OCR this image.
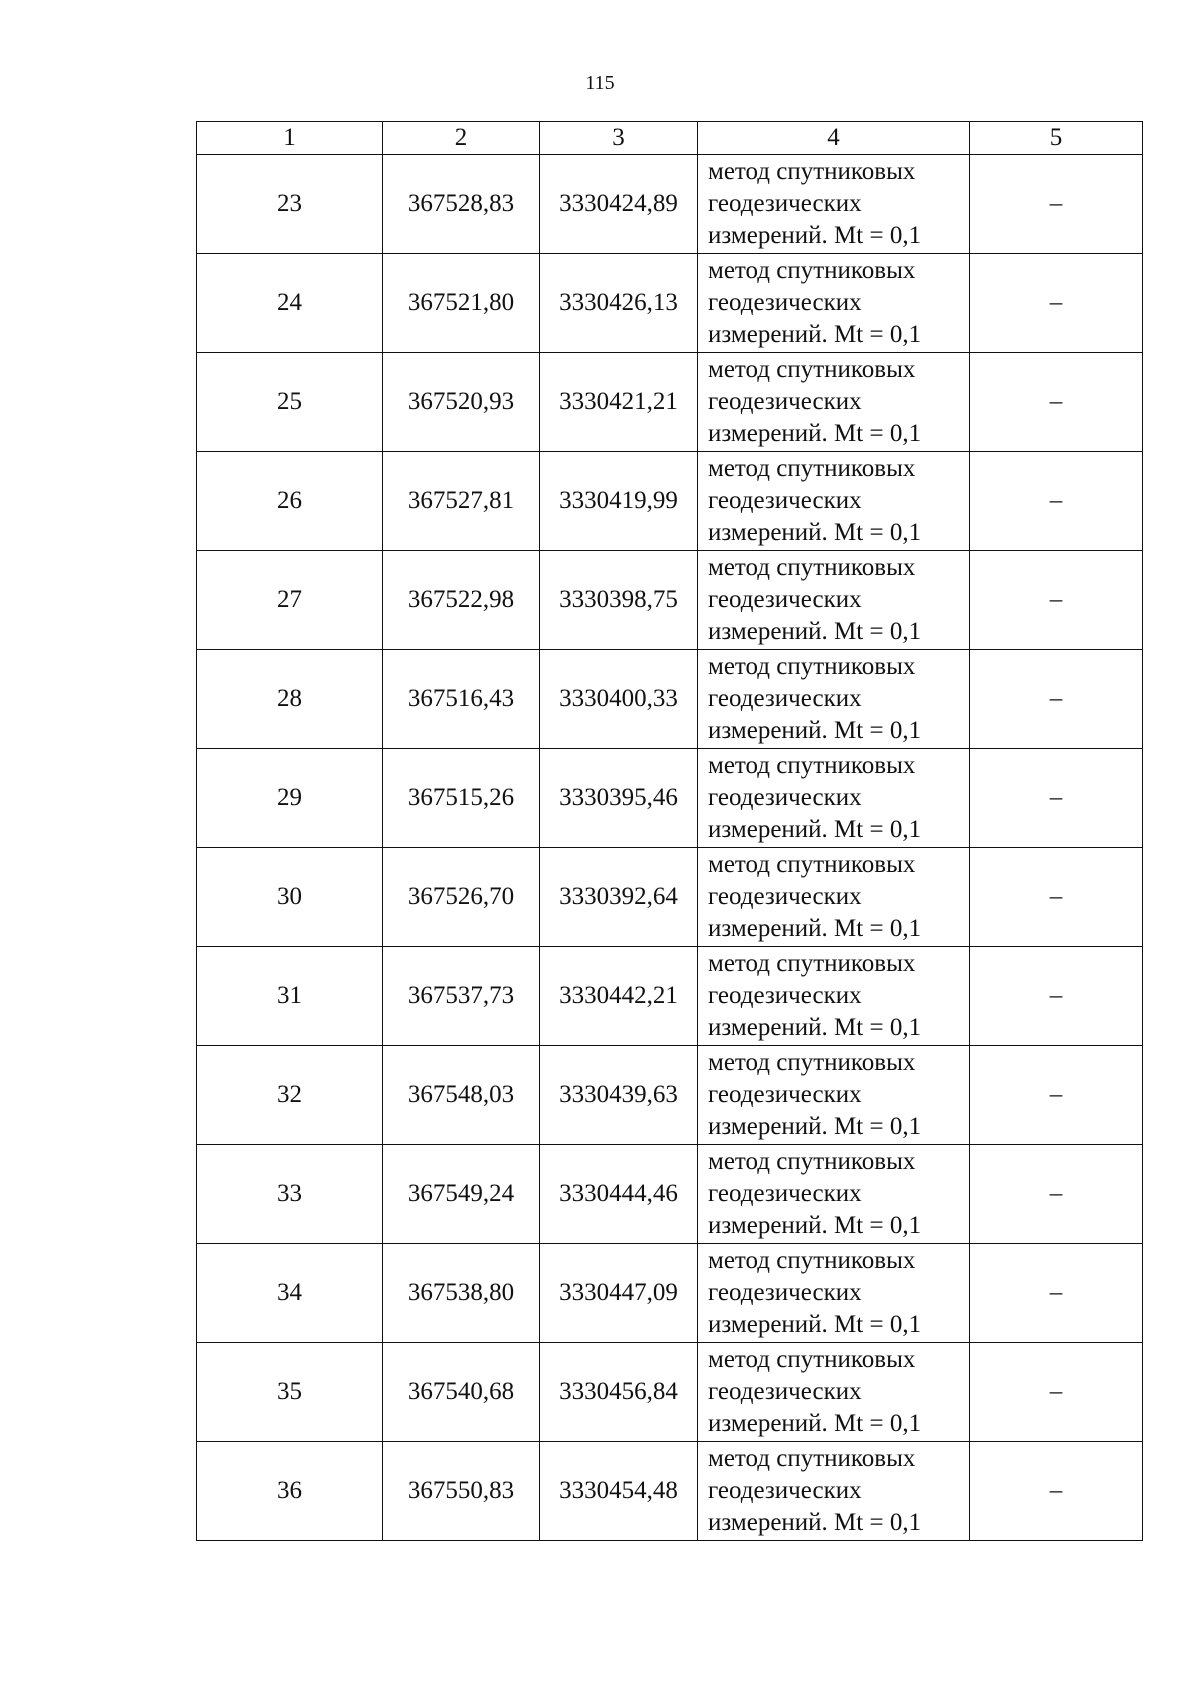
115
1	2	3	4	5
23	367528,83	3330424,89	метод спутниковых
геодезических
измерений. Mt = 0,1	–
24	367521,80	3330426,13	метод спутниковых
геодезических
измерений. Mt = 0,1	–
25	367520,93	3330421,21	метод спутниковых
геодезических
измерений. Mt = 0,1	–
26	367527,81	3330419,99	метод спутниковых
геодезических
измерений. Mt = 0,1	–
27	367522,98	3330398,75	метод спутниковых
геодезических
измерений. Mt = 0,1	–
28	367516,43	3330400,33	метод спутниковых
геодезических
измерений. Mt = 0,1	–
29	367515,26	3330395,46	метод спутниковых
геодезических
измерений. Mt = 0,1	–
30	367526,70	3330392,64	метод спутниковых
геодезических
измерений. Mt = 0,1	–
31	367537,73	3330442,21	метод спутниковых
геодезических
измерений. Mt = 0,1	–
32	367548,03	3330439,63	метод спутниковых
геодезических
измерений. Mt = 0,1	–
33	367549,24	3330444,46	метод спутниковых
геодезических
измерений. Mt = 0,1	–
34	367538,80	3330447,09	метод спутниковых
геодезических
измерений. Mt = 0,1	–
35	367540,68	3330456,84	метод спутниковых
геодезических
измерений. Mt = 0,1	–
36	367550,83	3330454,48	метод спутниковых
геодезических
измерений. Mt = 0,1	–
